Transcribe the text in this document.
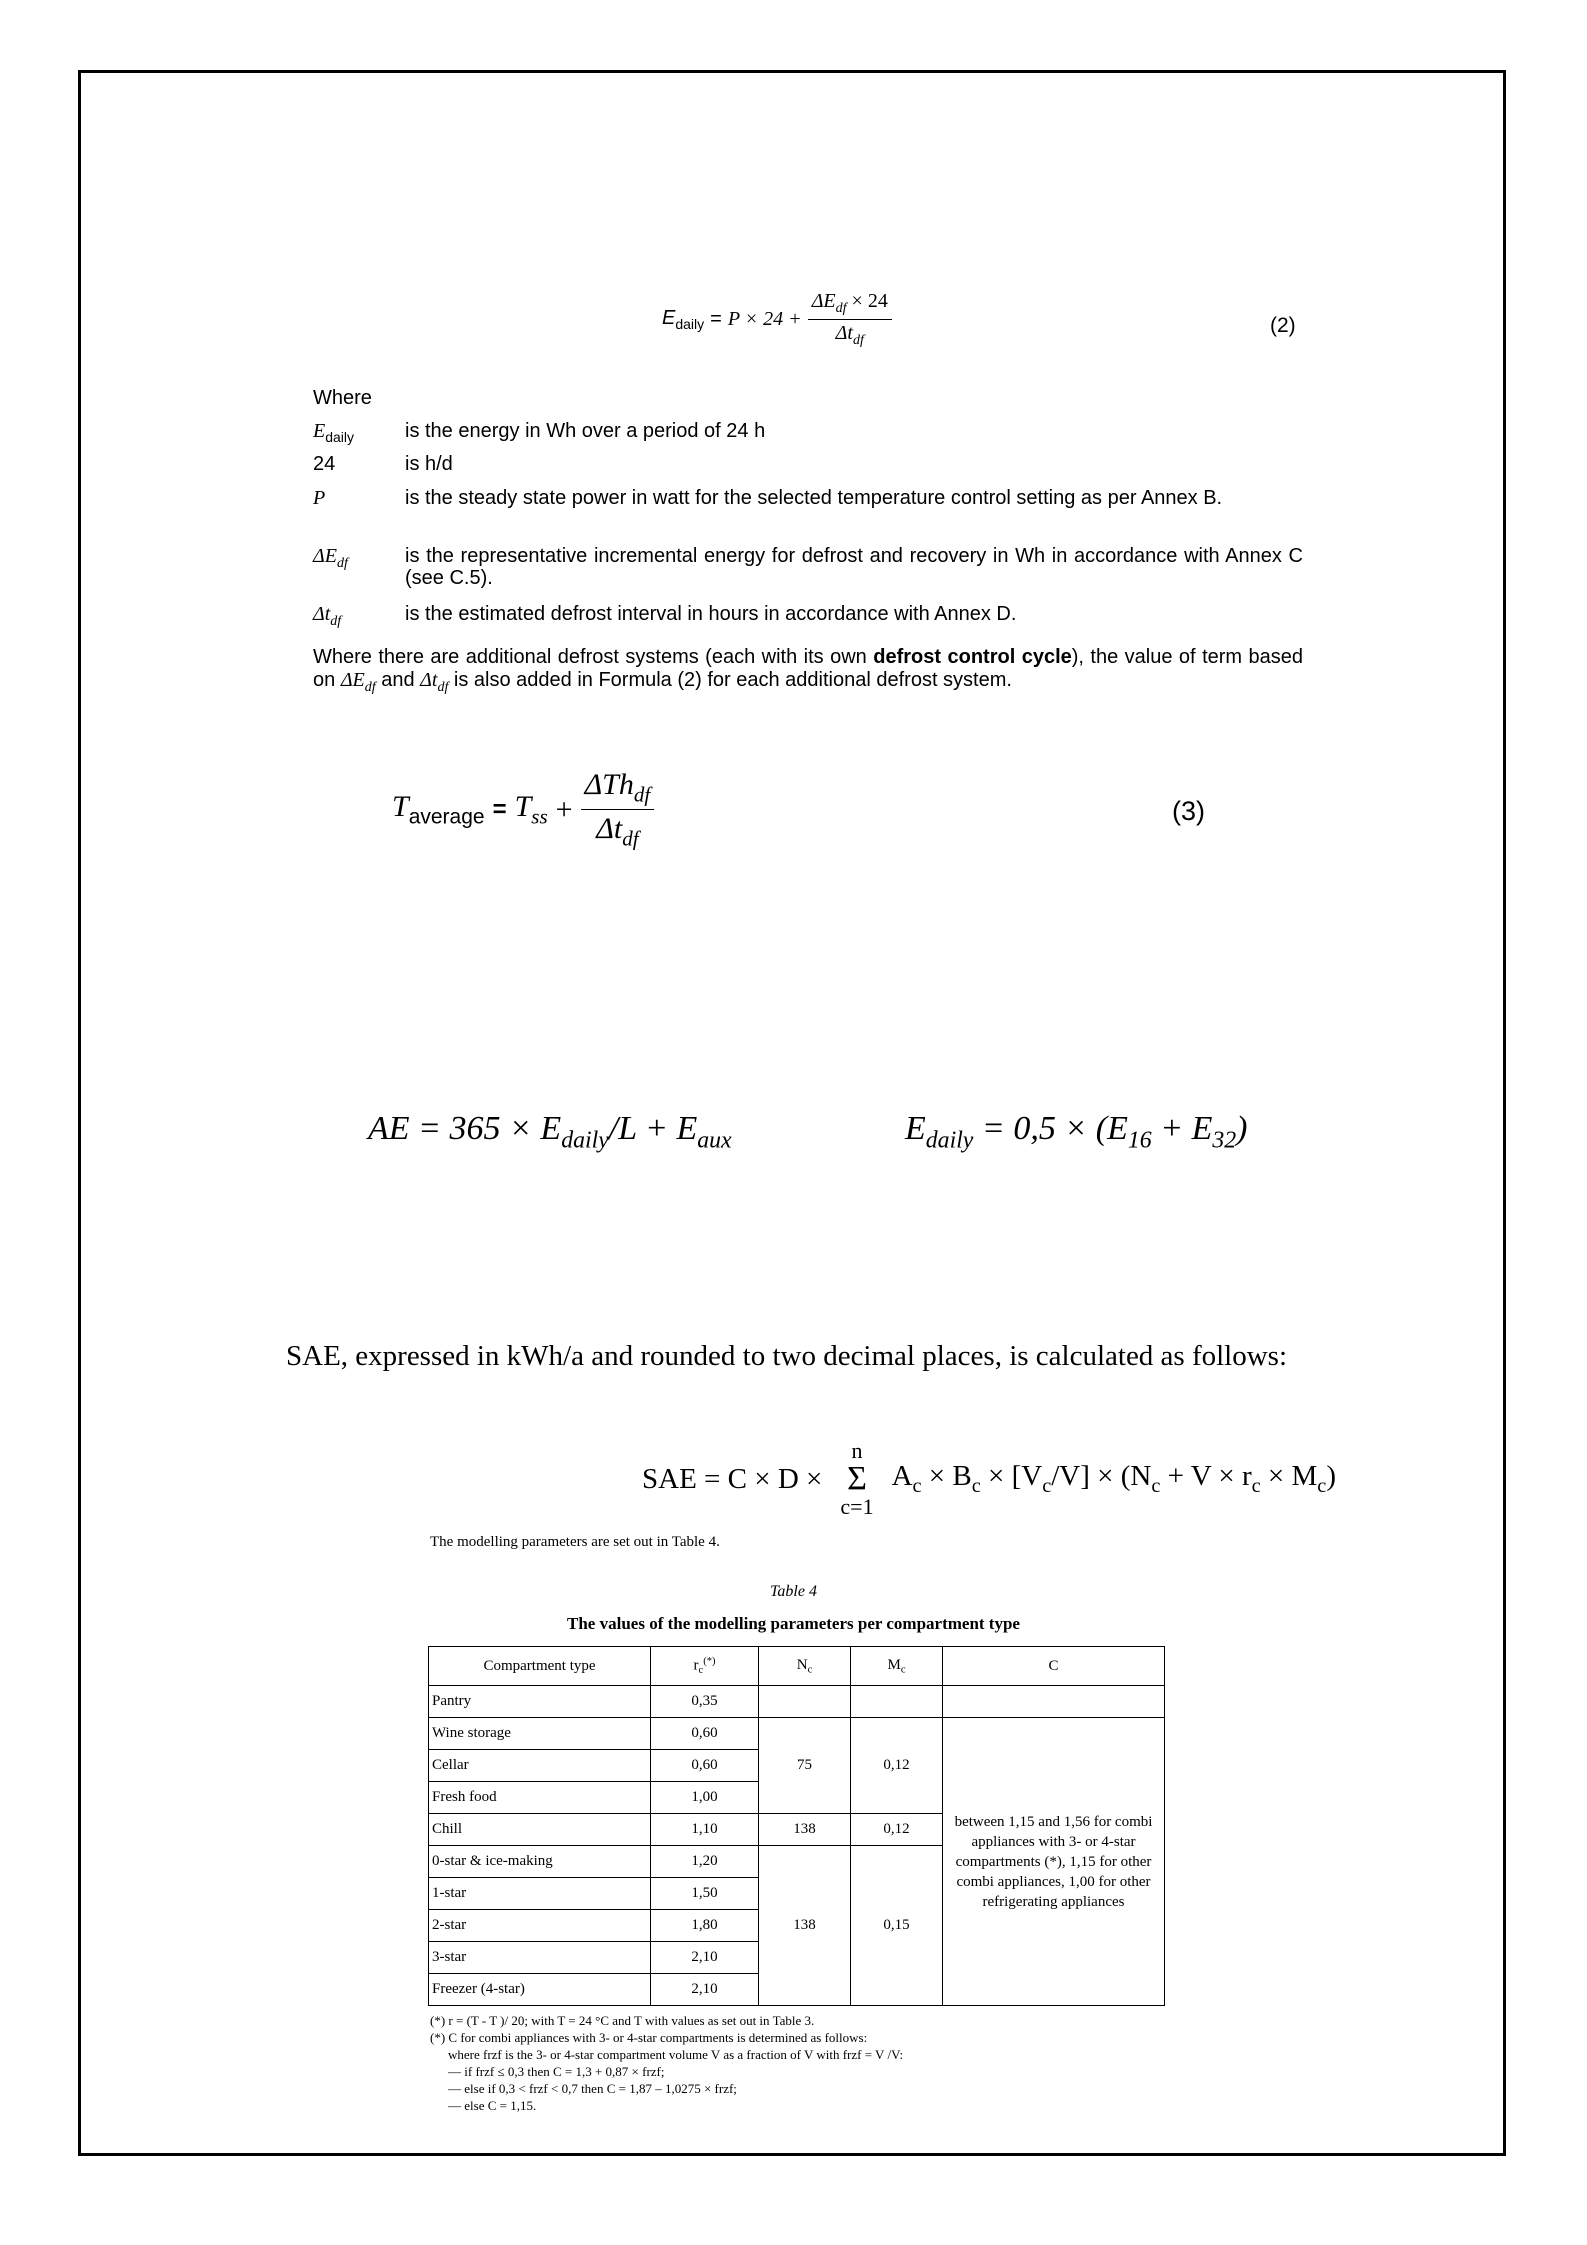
$E_{daily} = P \times 24 + \frac{\Delta E_{df} \times 24}{\Delta t_{df}}$	(2)
Where
$E_{daily}$	is the energy in Wh over a period of 24 h
24	is h/d
P	is the steady state power in watt for the selected temperature control setting as per Annex B.
$\Delta E_{df}$	is the representative incremental energy for defrost and recovery in Wh in accordance with Annex C (see C.5).
$\Delta t_{df}$	is the estimated defrost interval in hours in accordance with Annex D.
Where there are additional defrost systems (each with its own defrost control cycle), the value of term based on $\Delta E_{df}$ and $\Delta t_{df}$ is also added in Formula (2) for each additional defrost system.
$T_{average} = T_{ss} + \frac{\Delta Th_{df}}{\Delta t_{df}}$	(3)
AE = $365 \times E_{daily}/L + E_{aux}$	$E_{daily} = 0,5 \times (E_{16} + E_{32})$
SAE, expressed in kWh/a and rounded to two decimal places, is calculated as follows:
SAE = C × D ×
n
Σ
c=1
$A_c \times B_c \times [V_c/V] \times (N_c + V \times r_c \times M_c)$
The modelling parameters are set out in Table 4.
Table 4
The values of the modelling parameters per compartment type
Compartment type	$r_c^{(*)}$	$N_c$	$M_c$	C
Pantry	0,35			
Wine storage	0,60	75	0,12	between 1,15 and 1,56 for combi appliances with 3- or 4-star compartments (*), 1,15 for other combi appliances, 1,00 for other refrigerating appliances
Cellar	0,60			
Fresh food	1,00			
Chill	1,10	138	0,12	
0-star & ice-making	1,20	138	0,15	
1-star	1,50			
2-star	1,80			
3-star	2,10			
Freezer (4-star)	2,10			
(*) r = (T - T )/ 20; with T = 24 °C and T with values as set out in Table 3.
(*) C for combi appliances with 3- or 4-star compartments is determined as follows:
where frzf is the 3- or 4-star compartment volume V as a fraction of V with frzf = V /V:
— if frzf ≤ 0,3 then C = 1,3 + 0,87 × frzf;
— else if 0,3 < frzf < 0,7 then C = 1,87 – 1,0275 × frzf;
— else C = 1,15.
